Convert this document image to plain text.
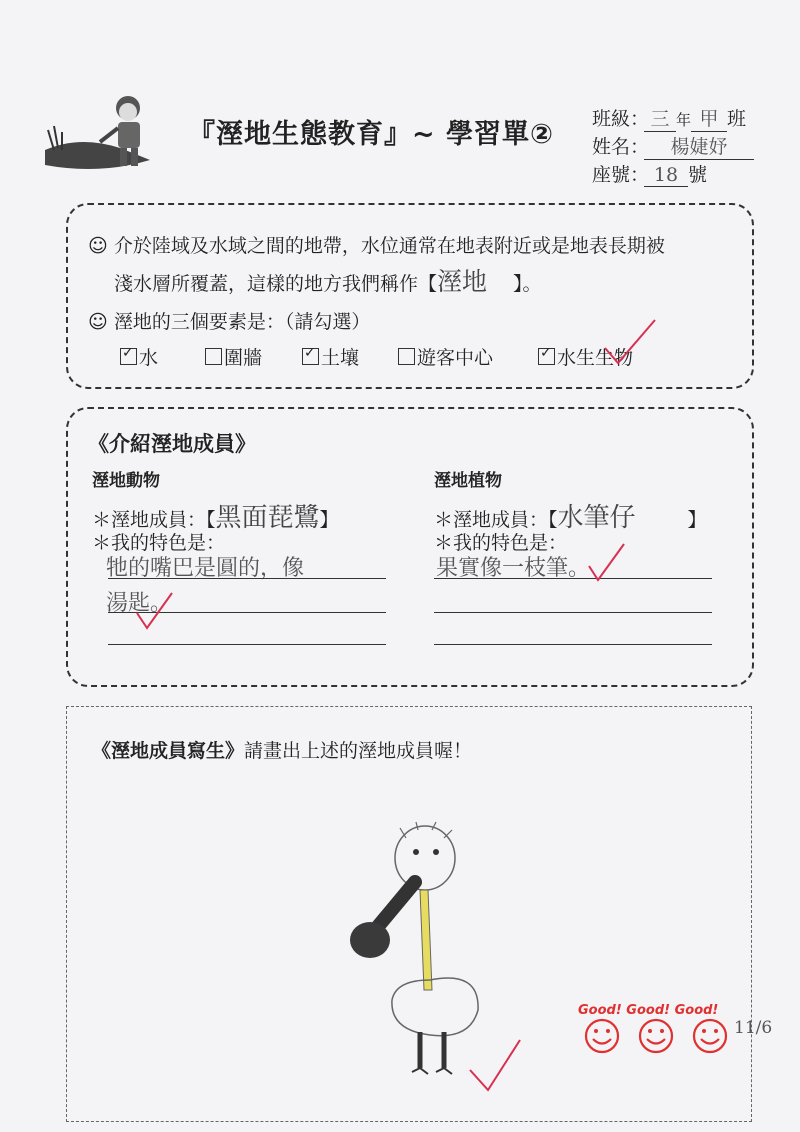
『溼地生態教育』~ 學習單② 班級：三 年 甲 班
姓名： 楊婕妤
座號： 18 號
☺ 介於陸域及水域之間的地帶，水位通常在地表附近或是地表長期被
淺水層所覆蓋，這樣的地方我們稱作【溼地 】。
☺ 溼地的三個要素是：（請勾選）
✓水	圍牆 ✓	土壤	遊客中心 ✓	水生生物
《介紹溼地成員》
溼地動物
＊溼地成員：【黑面琵鷺】
＊我的特色是：
牠的嘴巴是圓的，像
湯匙。
溼地植物
＊溼地成員：【水筆仔	】
＊我的特色是：
果實像一枝筆。
《溼地成員寫生》請畫出上述的溼地成員喔！
Good! Good! Good!
11/6
